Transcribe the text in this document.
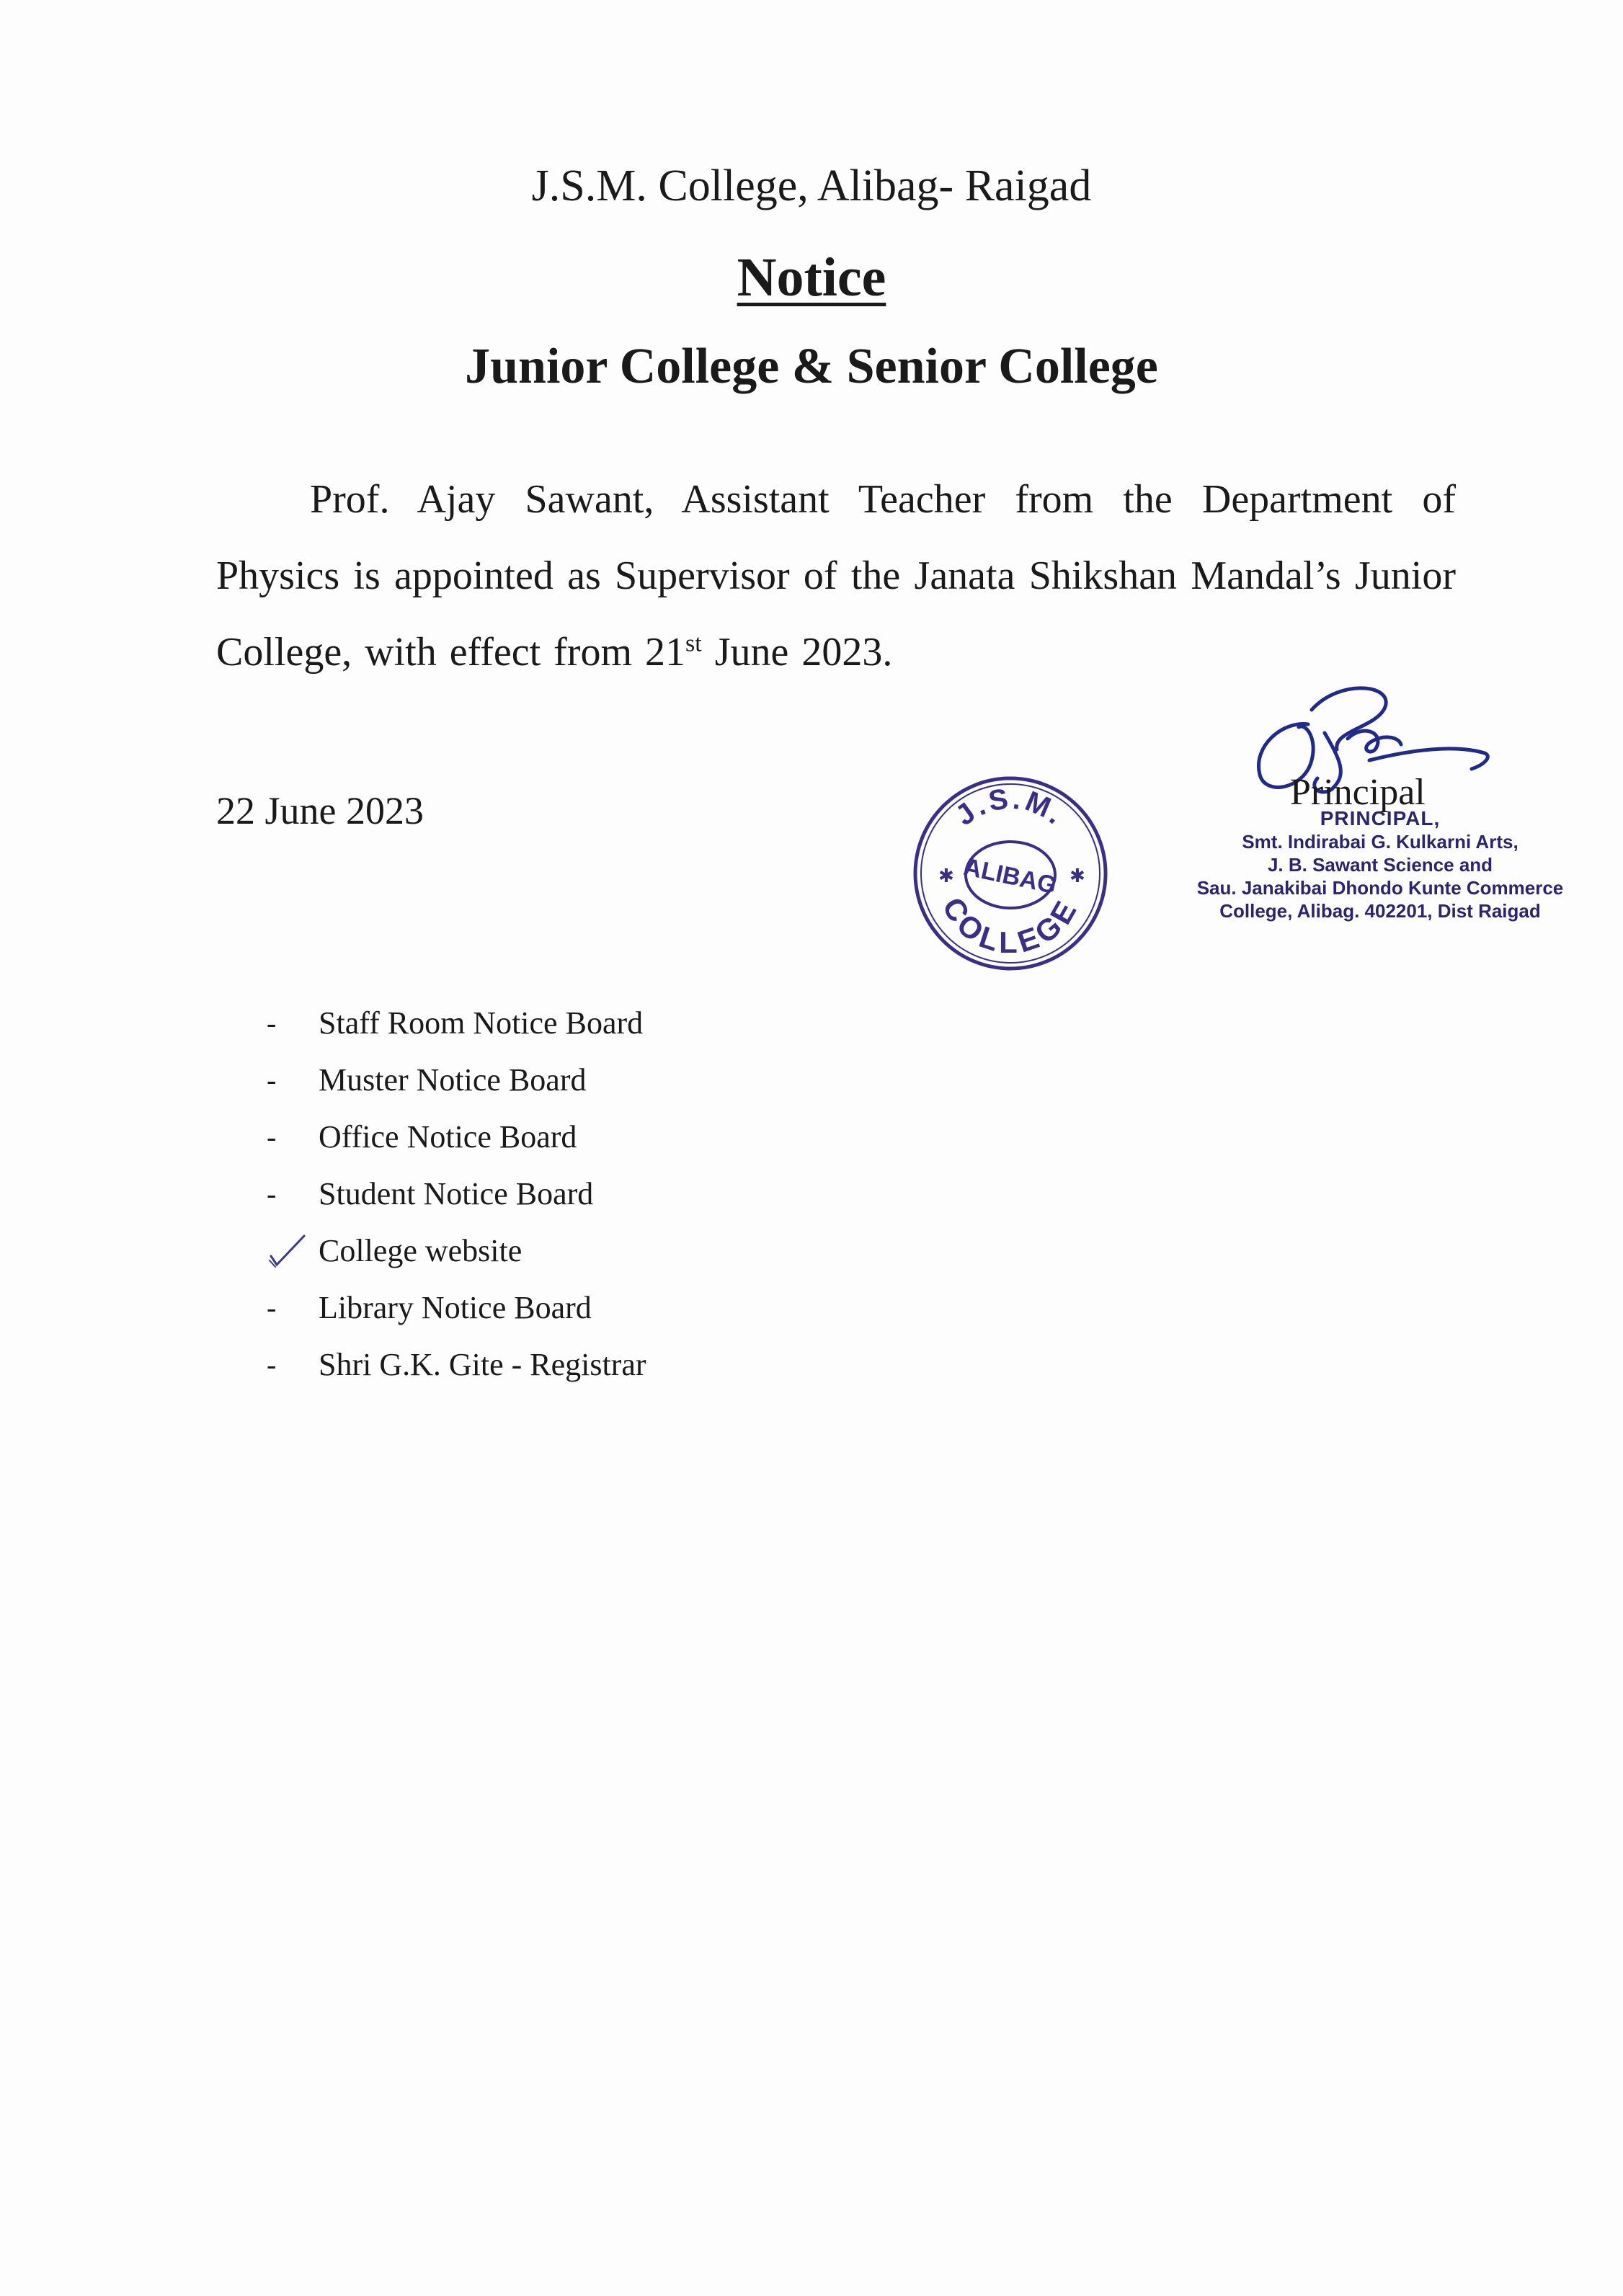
J.S.M. College, Alibag- Raigad
Notice
Junior College & Senior College

Prof. Ajay Sawant, Assistant Teacher from the Department of Physics is appointed as Supervisor of the Janata Shikshan Mandal’s Junior College, with effect from 21st June 2023.

22 June 2023	J.S.M.
ALIBAG
COLLEGE
✱	✱
Principal
PRINCIPAL,
Smt. Indirabai G. Kulkarni Arts,
J. B. Sawant Science and
Sau. Janakibai Dhondo Kunte Commerce
College, Alibag. 402201, Dist Raigad
-	Staff Room Notice Board
-	Muster Notice Board
-	Office Notice Board
-	Student Notice Board
College website
-	Library Notice Board
-	Shri G.K. Gite - Registrar
